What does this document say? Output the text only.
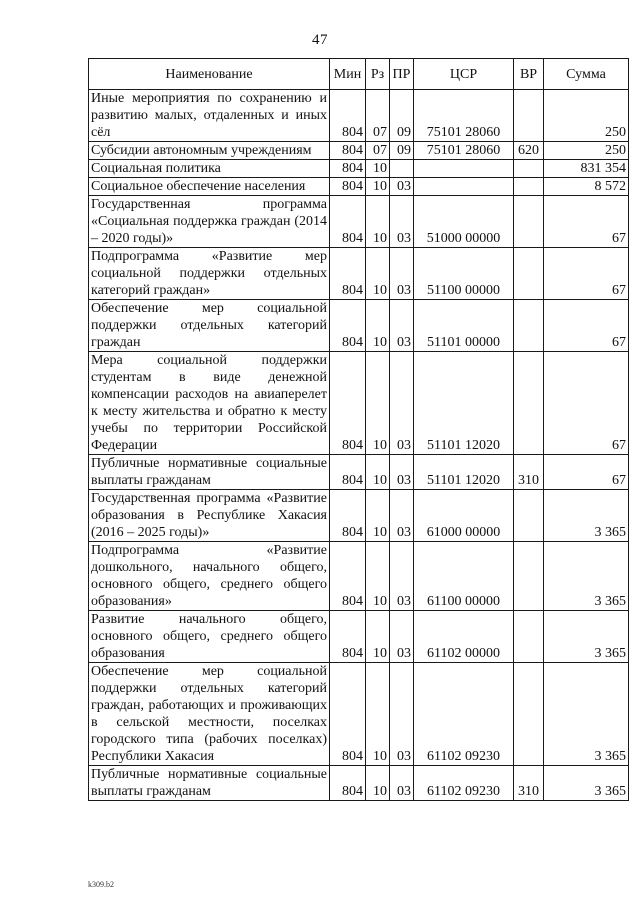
47
Наименование	Мин	Рз	ПР	ЦСР	ВР	Сумма
Иные мероприятия по сохранению и развитию малых, отдаленных и иных сёл	804	07	09	75101 28060		250
Субсидии автономным учреждениям	804	07	09	75101 28060	620	250
Социальная политика	804	10				831 354
Социальное обеспечение населения	804	10	03			8 572
Государственная программа «Социальная поддержка граждан (2014 – 2020 годы)»	804	10	03	51000 00000		67
Подпрограмма «Развитие мер социальной поддержки отдельных категорий граждан»	804	10	03	51100 00000		67
Обеспечение мер социальной поддержки отдельных категорий граждан	804	10	03	51101 00000		67
Мера социальной поддержки студентам в виде денежной компенсации расходов на авиаперелет к месту жительства и обратно к месту учебы по территории Российской Федерации	804	10	03	51101 12020		67
Публичные нормативные социальные выплаты гражданам	804	10	03	51101 12020	310	67
Государственная программа «Развитие образования в Республике Хакасия (2016 – 2025 годы)»	804	10	03	61000 00000		3 365
Подпрограмма «Развитие дошкольного, начального общего, основного общего, среднего общего образования»	804	10	03	61100 00000		3 365
Развитие начального общего, основного общего, среднего общего образования	804	10	03	61102 00000		3 365
Обеспечение мер социальной поддержки отдельных категорий граждан, работающих и проживающих в сельской местности, поселках городского типа (рабочих поселках) Республики Хакасия	804	10	03	61102 09230		3 365
Публичные нормативные социальные выплаты гражданам	804	10	03	61102 09230	310	3 365
k309.b2
